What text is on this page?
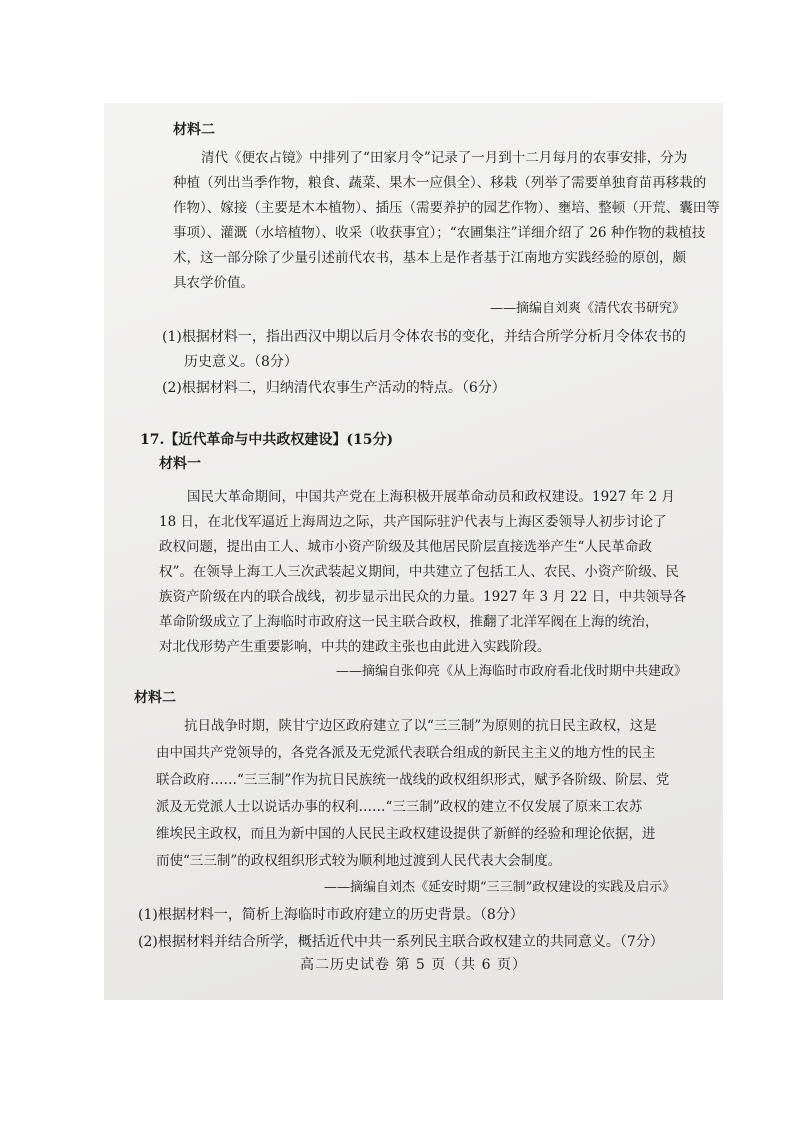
材料二
清代《便农占镜》中排列了“田家月令”记录了一月到十二月每月的农事安排，分为
种植（列出当季作物，粮食、蔬菜、果木一应俱全）、移栽（列举了需要单独育苗再移栽的
作物）、嫁接（主要是木本植物）、插压（需要养护的园艺作物）、壅培、整顿（开荒、囊田等
事项）、灌溉（水培植物）、收采（收获事宜）；“农圃集注”详细介绍了 26 种作物的栽植技
术，这一部分除了少量引述前代农书，基本上是作者基于江南地方实践经验的原创，颇
具农学价值。
——摘编自刘爽《清代农书研究》
(1)根据材料一，指出西汉中期以后月令体农书的变化，并结合所学分析月令体农书的
历史意义。（8分）
(2)根据材料二，归纳清代农事生产活动的特点。（6分）
17.【近代革命与中共政权建设】(15分)
材料一
国民大革命期间，中国共产党在上海积极开展革命动员和政权建设。1927 年 2 月
18 日，在北伐军逼近上海周边之际，共产国际驻沪代表与上海区委领导人初步讨论了
政权问题，提出由工人、城市小资产阶级及其他居民阶层直接选举产生“人民革命政
权”。在领导上海工人三次武装起义期间，中共建立了包括工人、农民、小资产阶级、民
族资产阶级在内的联合战线，初步显示出民众的力量。1927 年 3 月 22 日，中共领导各
革命阶级成立了上海临时市政府这一民主联合政权，推翻了北洋军阀在上海的统治，
对北伐形势产生重要影响，中共的建政主张也由此进入实践阶段。
——摘编自张仰亮《从上海临时市政府看北伐时期中共建政》
材料二
抗日战争时期，陕甘宁边区政府建立了以“三三制”为原则的抗日民主政权，这是
由中国共产党领导的，各党各派及无党派代表联合组成的新民主主义的地方性的民主
联合政府……“三三制”作为抗日民族统一战线的政权组织形式，赋予各阶级、阶层、党
派及无党派人士以说话办事的权利……“三三制”政权的建立不仅发展了原来工农苏
维埃民主政权，而且为新中国的人民民主政权建设提供了新鲜的经验和理论依据，进
而使“三三制”的政权组织形式较为顺利地过渡到人民代表大会制度。
——摘编自刘杰《延安时期“三三制”政权建设的实践及启示》
(1)根据材料一，简析上海临时市政府建立的历史背景。（8分）
(2)根据材料并结合所学，概括近代中共一系列民主联合政权建立的共同意义。（7分）
高二历史试卷 第 5 页（共 6 页）
